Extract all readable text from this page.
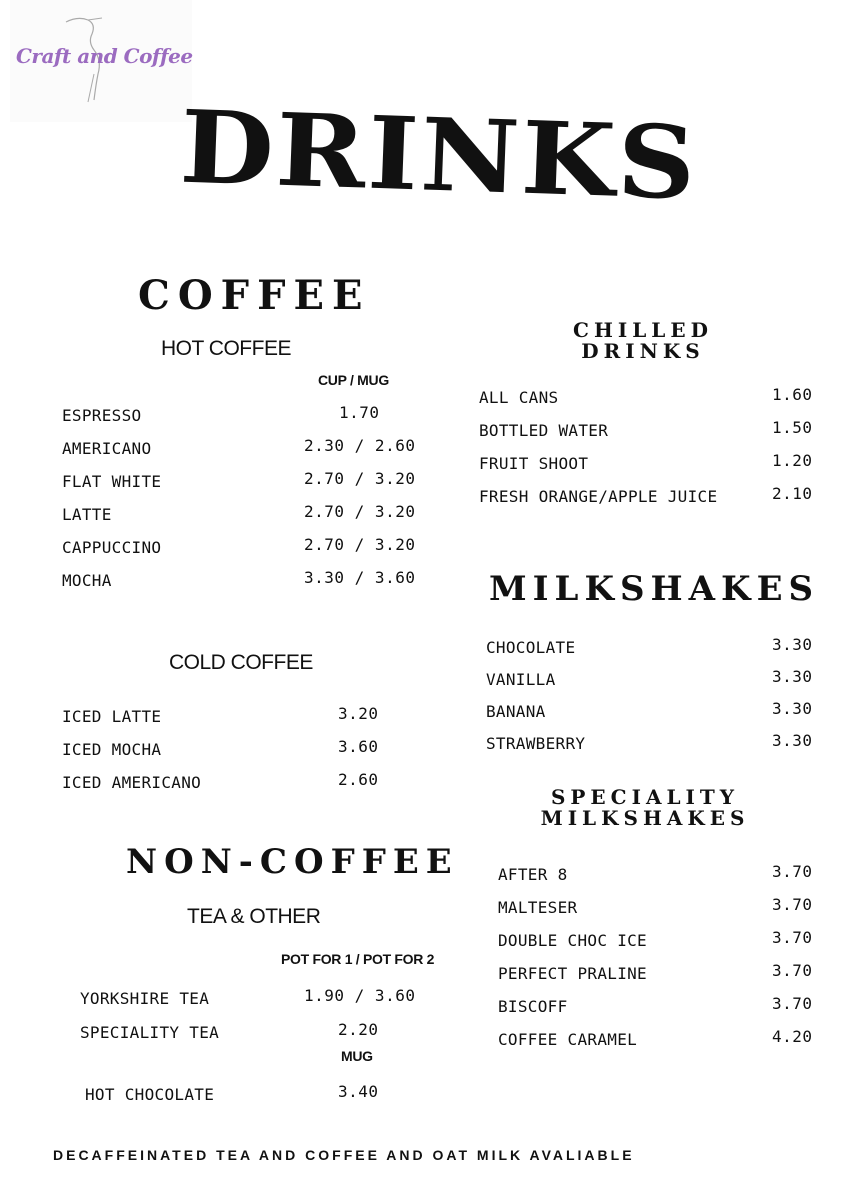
Craft and Coffee
DRINKS
COFFEE
HOT COFFEE
CUP / MUG
ESPRESSO	1.70
AMERICANO	2.30 / 2.60
FLAT WHITE	2.70 / 3.20
LATTE	2.70 / 3.20
CAPPUCCINO	2.70 / 3.20
MOCHA	3.30 / 3.60
COLD COFFEE
ICED LATTE	3.20
ICED MOCHA	3.60
ICED AMERICANO	2.60
NON-COFFEE
TEA & OTHER
POT FOR 1 / POT FOR 2
YORKSHIRE TEA	1.90 / 3.60
SPECIALITY TEA	2.20
MUG
HOT CHOCOLATE	3.40
CHILLED
DRINKS
ALL CANS	1.60
BOTTLED WATER	1.50
FRUIT SHOOT	1.20
FRESH ORANGE/APPLE JUICE	2.10
MILKSHAKES
CHOCOLATE	3.30
VANILLA	3.30
BANANA	3.30
STRAWBERRY	3.30
SPECIALITY
MILKSHAKES
AFTER 8	3.70
MALTESER	3.70
DOUBLE CHOC ICE	3.70
PERFECT PRALINE	3.70
BISCOFF	3.70
COFFEE CARAMEL	4.20
DECAFFEINATED TEA AND COFFEE AND OAT MILK AVALIABLE
